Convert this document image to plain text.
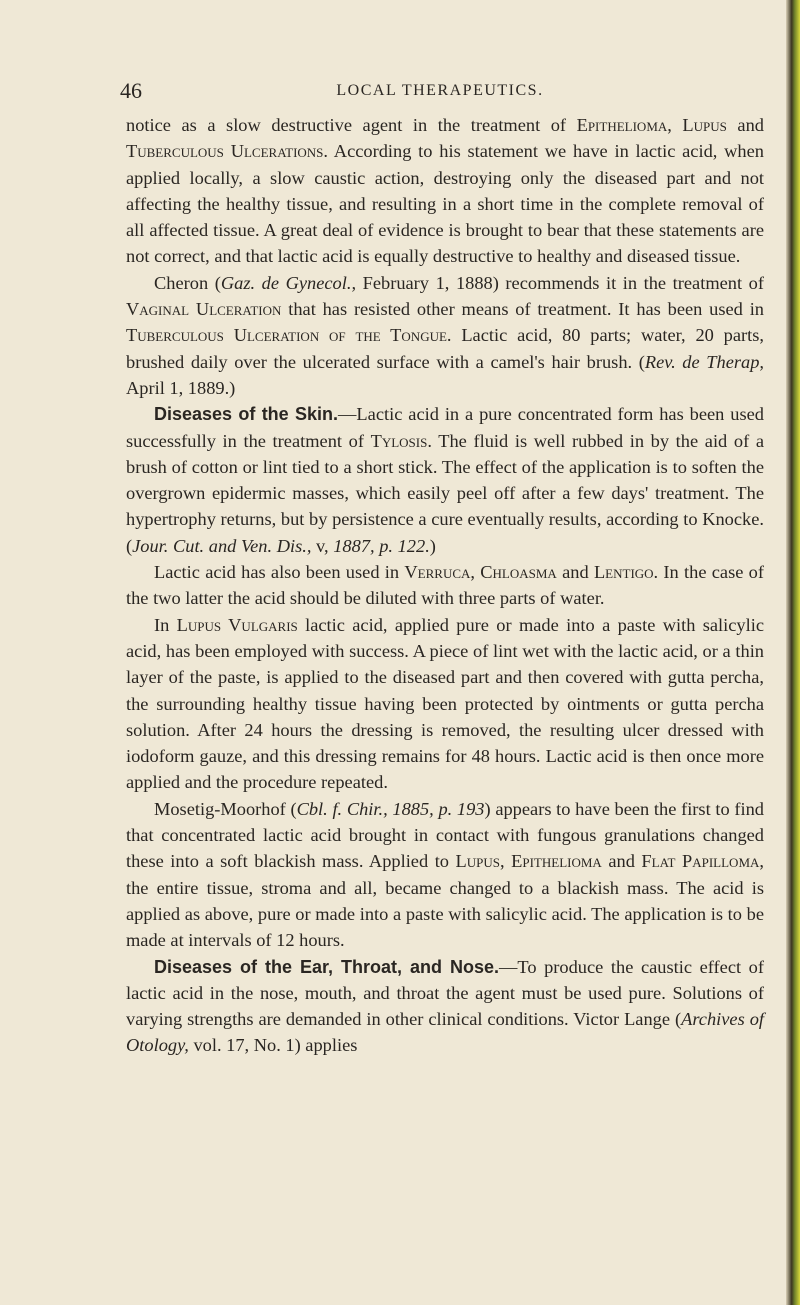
46	LOCAL THERAPEUTICS.

notice as a slow destructive agent in the treatment of Epithelioma, Lupus and Tuberculous Ulcerations. According to his statement we have in lactic acid, when applied locally, a slow caustic action, destroying only the diseased part and not affecting the healthy tissue, and resulting in a short time in the complete removal of all affected tissue. A great deal of evidence is brought to bear that these statements are not correct, and that lactic acid is equally destructive to healthy and diseased tissue.

Cheron (Gaz. de Gynecol., February 1, 1888) recommends it in the treatment of Vaginal Ulceration that has resisted other means of treatment. It has been used in Tuberculous Ulceration of the Tongue. Lactic acid, 80 parts; water, 20 parts, brushed daily over the ulcerated surface with a camel's hair brush. (Rev. de Therap, April 1, 1889.)

Diseases of the Skin.—Lactic acid in a pure concentrated form has been used successfully in the treatment of Tylosis. The fluid is well rubbed in by the aid of a brush of cotton or lint tied to a short stick. The effect of the application is to soften the overgrown epidermic masses, which easily peel off after a few days' treatment. The hypertrophy returns, but by persistence a cure eventually results, according to Knocke. (Jour. Cut. and Ven. Dis., v, 1887, p. 122.)

Lactic acid has also been used in Verruca, Chloasma and Lentigo. In the case of the two latter the acid should be diluted with three parts of water.

In Lupus Vulgaris lactic acid, applied pure or made into a paste with salicylic acid, has been employed with success. A piece of lint wet with the lactic acid, or a thin layer of the paste, is applied to the diseased part and then covered with gutta percha, the surrounding healthy tissue having been protected by ointments or gutta percha solution. After 24 hours the dressing is removed, the resulting ulcer dressed with iodoform gauze, and this dressing remains for 48 hours. Lactic acid is then once more applied and the procedure repeated.

Mosetig-Moorhof (Cbl. f. Chir., 1885, p. 193) appears to have been the first to find that concentrated lactic acid brought in contact with fungous granulations changed these into a soft blackish mass. Applied to Lupus, Epithelioma and Flat Papilloma, the entire tissue, stroma and all, became changed to a blackish mass. The acid is applied as above, pure or made into a paste with salicylic acid. The application is to be made at intervals of 12 hours.

Diseases of the Ear, Throat, and Nose.—To produce the caustic effect of lactic acid in the nose, mouth, and throat the agent must be used pure. Solutions of varying strengths are demanded in other clinical conditions. Victor Lange (Archives of Otology, vol. 17, No. 1) applies
